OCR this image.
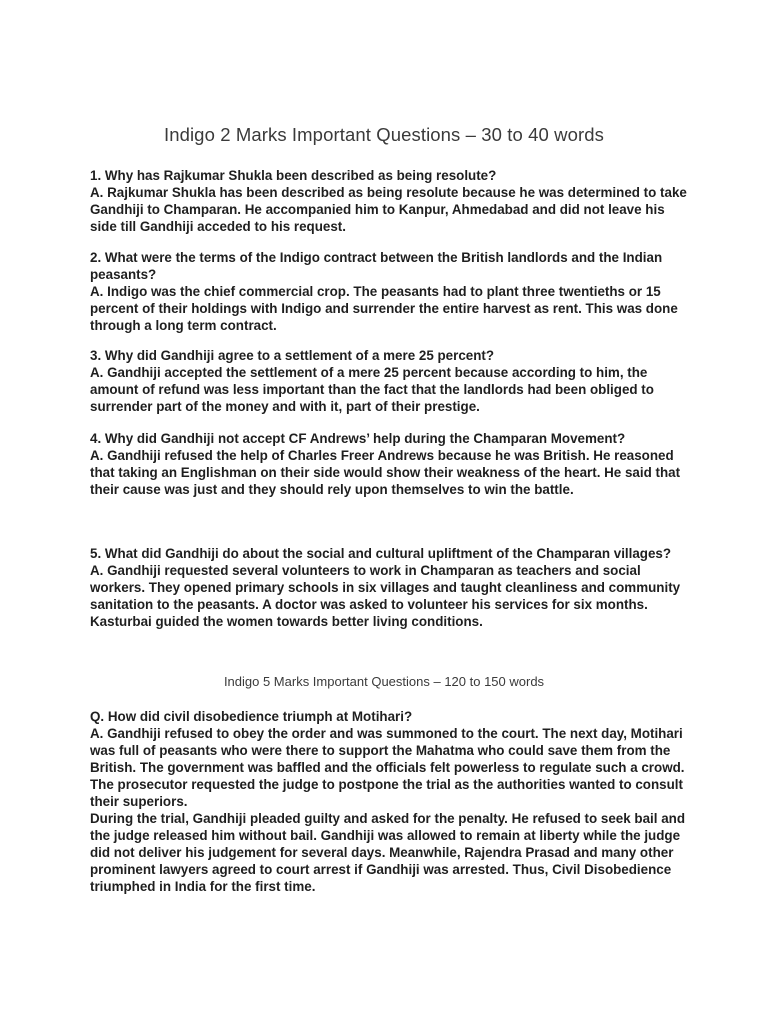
Indigo 2 Marks Important Questions – 30 to 40 words

1. Why has Rajkumar Shukla been described as being resolute?

A. Rajkumar Shukla has been described as being resolute because he was determined to take Gandhiji to Champaran. He accompanied him to Kanpur, Ahmedabad and did not leave his side till Gandhiji acceded to his request.

2. What were the terms of the Indigo contract between the British landlords and the Indian peasants?

A. Indigo was the chief commercial crop. The peasants had to plant three twentieths or 15 percent of their holdings with Indigo and surrender the entire harvest as rent. This was done through a long term contract.

3. Why did Gandhiji agree to a settlement of a mere 25 percent?

A. Gandhiji accepted the settlement of a mere 25 percent because according to him, the amount of refund was less important than the fact that the landlords had been obliged to surrender part of the money and with it, part of their prestige.

4. Why did Gandhiji not accept CF Andrews’ help during the Champaran Movement?

A. Gandhiji refused the help of Charles Freer Andrews because he was British. He reasoned that taking an Englishman on their side would show their weakness of the heart. He said that their cause was just and they should rely upon themselves to win the battle.

5. What did Gandhiji do about the social and cultural upliftment of the Champaran villages?

A. Gandhiji requested several volunteers to work in Champaran as teachers and social workers. They opened primary schools in six villages and taught cleanliness and community sanitation to the peasants. A doctor was asked to volunteer his services for six months. Kasturbai guided the women towards better living conditions.

Indigo 5 Marks Important Questions – 120 to 150 words

Q. How did civil disobedience triumph at Motihari?

A. Gandhiji refused to obey the order and was summoned to the court. The next day, Motihari was full of peasants who were there to support the Mahatma who could save them from the British. The government was baffled and the officials felt powerless to regulate such a crowd. The prosecutor requested the judge to postpone the trial as the authorities wanted to consult their superiors.

During the trial, Gandhiji pleaded guilty and asked for the penalty. He refused to seek bail and the judge released him without bail. Gandhiji was allowed to remain at liberty while the judge did not deliver his judgement for several days. Meanwhile, Rajendra Prasad and many other prominent lawyers agreed to court arrest if Gandhiji was arrested. Thus, Civil Disobedience triumphed in India for the first time.
